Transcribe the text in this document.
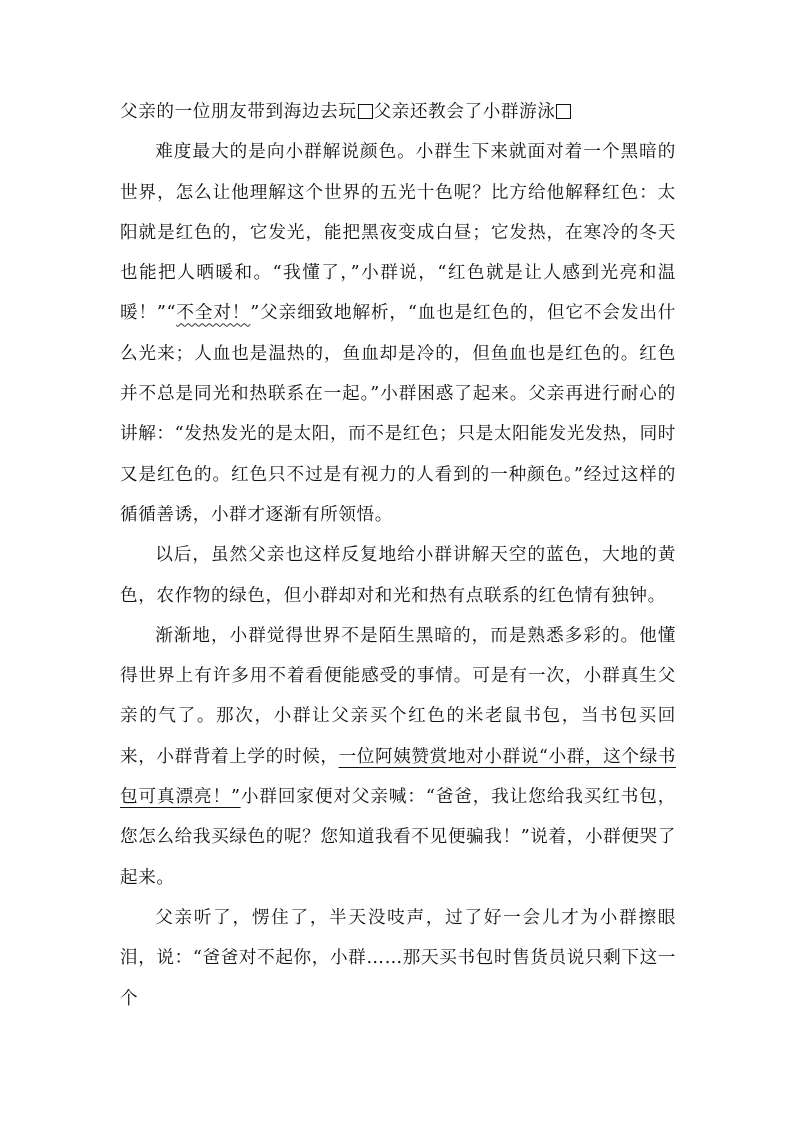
父亲的一位朋友带到海边去玩 父亲还教会了小群游泳

难度最大的是向小群解说颜色。小群生下来就面对着一个黑暗的世界，怎么让他理解这个世界的五光十色呢？比方给他解释红色：太阳就是红色的，它发光，能把黑夜变成白昼；它发热，在寒冷的冬天也能把人晒暖和。“我懂了，”小群说，“红色就是让人感到光亮和温暖！”“不全对！”父亲细致地解析，“血也是红色的，但它不会发出什么光来；人血也是温热的，鱼血却是冷的，但鱼血也是红色的。红色并不总是同光和热联系在一起。”小群困惑了起来。父亲再进行耐心的讲解：“发热发光的是太阳，而不是红色；只是太阳能发光发热，同时又是红色的。红色只不过是有视力的人看到的一种颜色。”经过这样的循循善诱，小群才逐渐有所领悟。

以后，虽然父亲也这样反复地给小群讲解天空的蓝色，大地的黄色，农作物的绿色，但小群却对和光和热有点联系的红色情有独钟。

渐渐地，小群觉得世界不是陌生黑暗的，而是熟悉多彩的。他懂得世界上有许多用不着看便能感受的事情。可是有一次，小群真生父亲的气了。那次，小群让父亲买个红色的米老鼠书包，当书包买回来，小群背着上学的时候，一位阿姨赞赏地对小群说“小群，这个绿书包可真漂亮！”小群回家便对父亲喊：“爸爸，我让您给我买红书包，您怎么给我买绿色的呢？您知道我看不见便骗我！”说着，小群便哭了起来。

父亲听了，愣住了，半天没吱声，过了好一会儿才为小群擦眼泪，说：“爸爸对不起你，小群……那天买书包时售货员说只剩下这一个
